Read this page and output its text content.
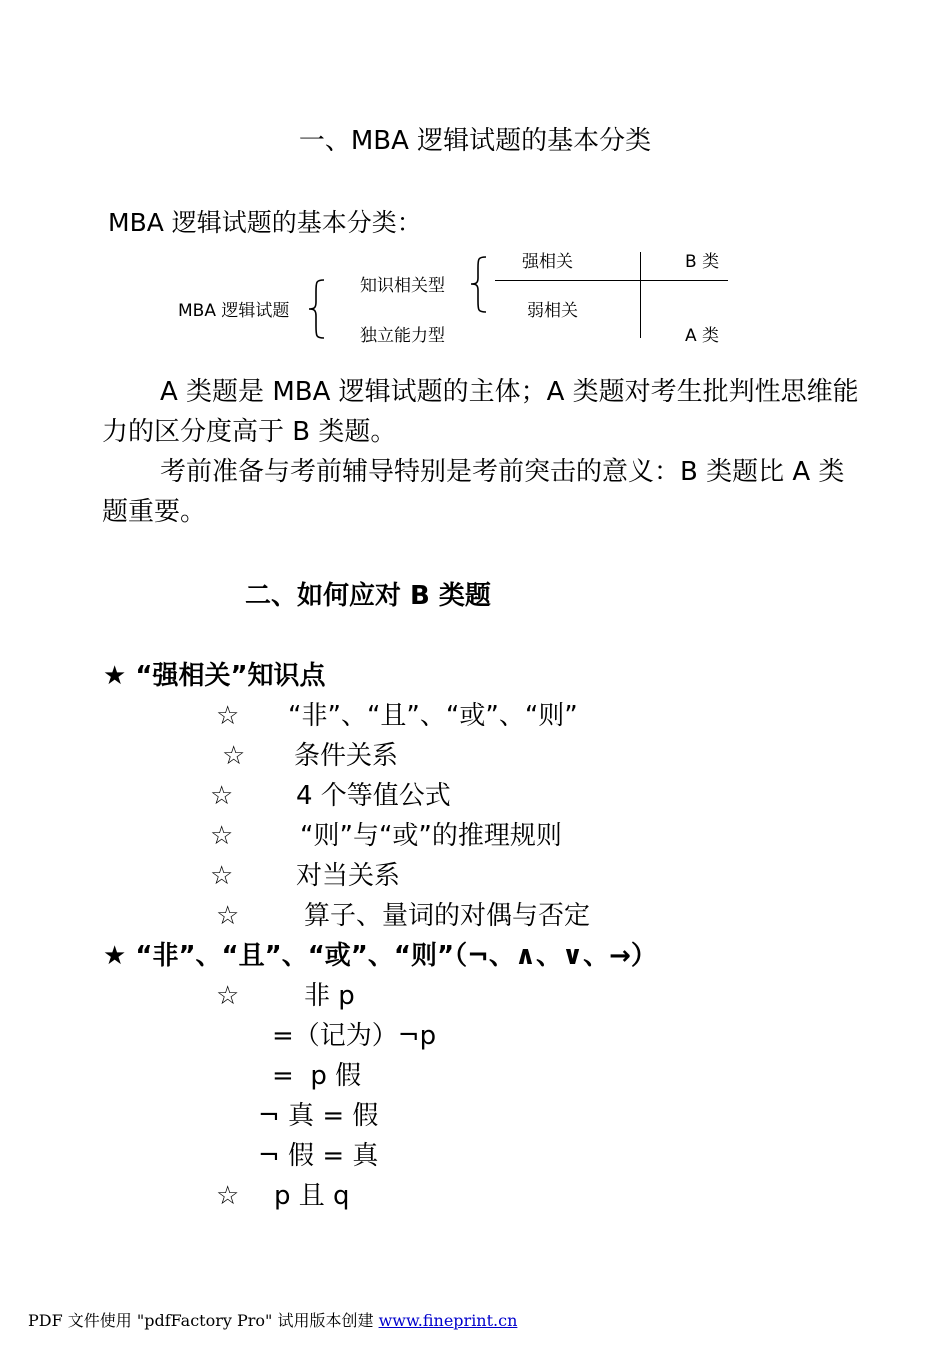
一、MBA 逻辑试题的基本分类
MBA 逻辑试题的基本分类：
MBA 逻辑试题
知识相关型
独立能力型
强相关
弱相关
B 类
A 类
A 类题是 MBA 逻辑试题的主体；A 类题对考生批判性思维能力的区分度高于 B 类题。
考前准备与考前辅导特别是考前突击的意义：B 类题比 A 类题重要。
二、如何应对 B 类题
★ “强相关”知识点
☆ “非”、“且”、“或”、“则”
☆ 条件关系
☆ 4 个等值公式
☆	“则”与“或”的推理规则
☆ 对当关系
☆ 算子、量词的对偶与否定
★ “非”、“且”、“或”、“则”（¬、∧、∨、→）
☆ 非 p
=（记为）¬p
=  p 假
¬ 真 = 假
¬ 假 = 真
☆ p 且 q
PDF 文件使用 "pdfFactory Pro" 试用版本创建 www.fineprint.cn
